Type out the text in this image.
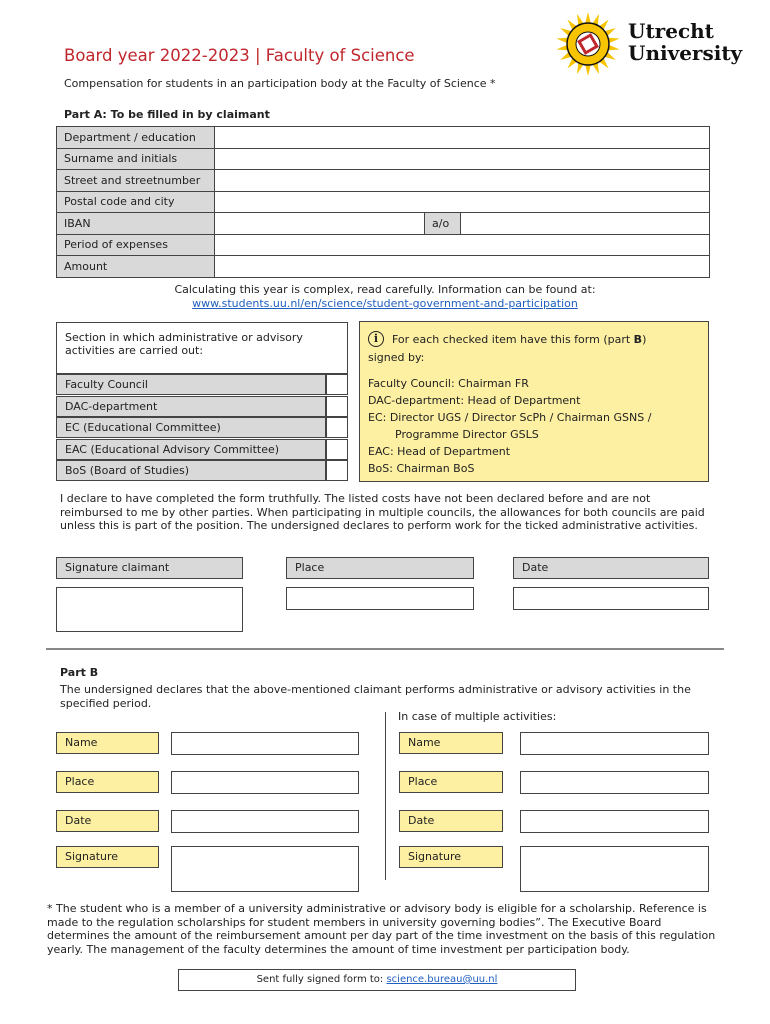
Board year 2022-2023 | Faculty of Science
Compensation for students in an participation body at the Faculty of Science *
Utrecht
University
Part A: To be filled in by claimant
Department / education			
Surname and initials			
Street and streetnumber			
Postal code and city			
IBAN		a/o	
Period of expenses			
Amount			
Calculating this year is complex, read carefully. Information can be found at:
www.students.uu.nl/en/science/student-government-and-participation
Section in which administrative or advisory activities are carried out:
Faculty Council
DAC-department
EC (Educational Committee)
EAC (Educational Advisory Committee)
BoS (Board of Studies)
i	For each checked item have this form (part B)
signed by:
Faculty Council: Chairman FR
DAC-department: Head of Department
EC: Director UGS / Director ScPh / Chairman GSNS /
Programme Director GSLS
EAC: Head of Department
BoS: Chairman BoS
I declare to have completed the form truthfully. The listed costs have not been declared before and are not reimbursed to me by other parties. When participating in multiple councils, the allowances for both councils are paid unless this is part of the position. The undersigned declares to perform work for the ticked administrative activities.
Signature claimant	Place	Date
Part B
The undersigned declares that the above-mentioned claimant performs administrative or advisory activities in the specified period.
In case of multiple activities:
Name
Place
Date
Signature
Name
Place
Date
Signature
* The student who is a member of a university administrative or advisory body is eligible for a scholarship. Reference is made to the regulation scholarships for student members in university governing bodies”. The Executive Board determines the amount of the reimbursement amount per day part of the time investment on the basis of this regulation yearly. The management of the faculty determines the amount of time investment per participation body.
Sent fully signed form to: science.bureau@uu.nl
